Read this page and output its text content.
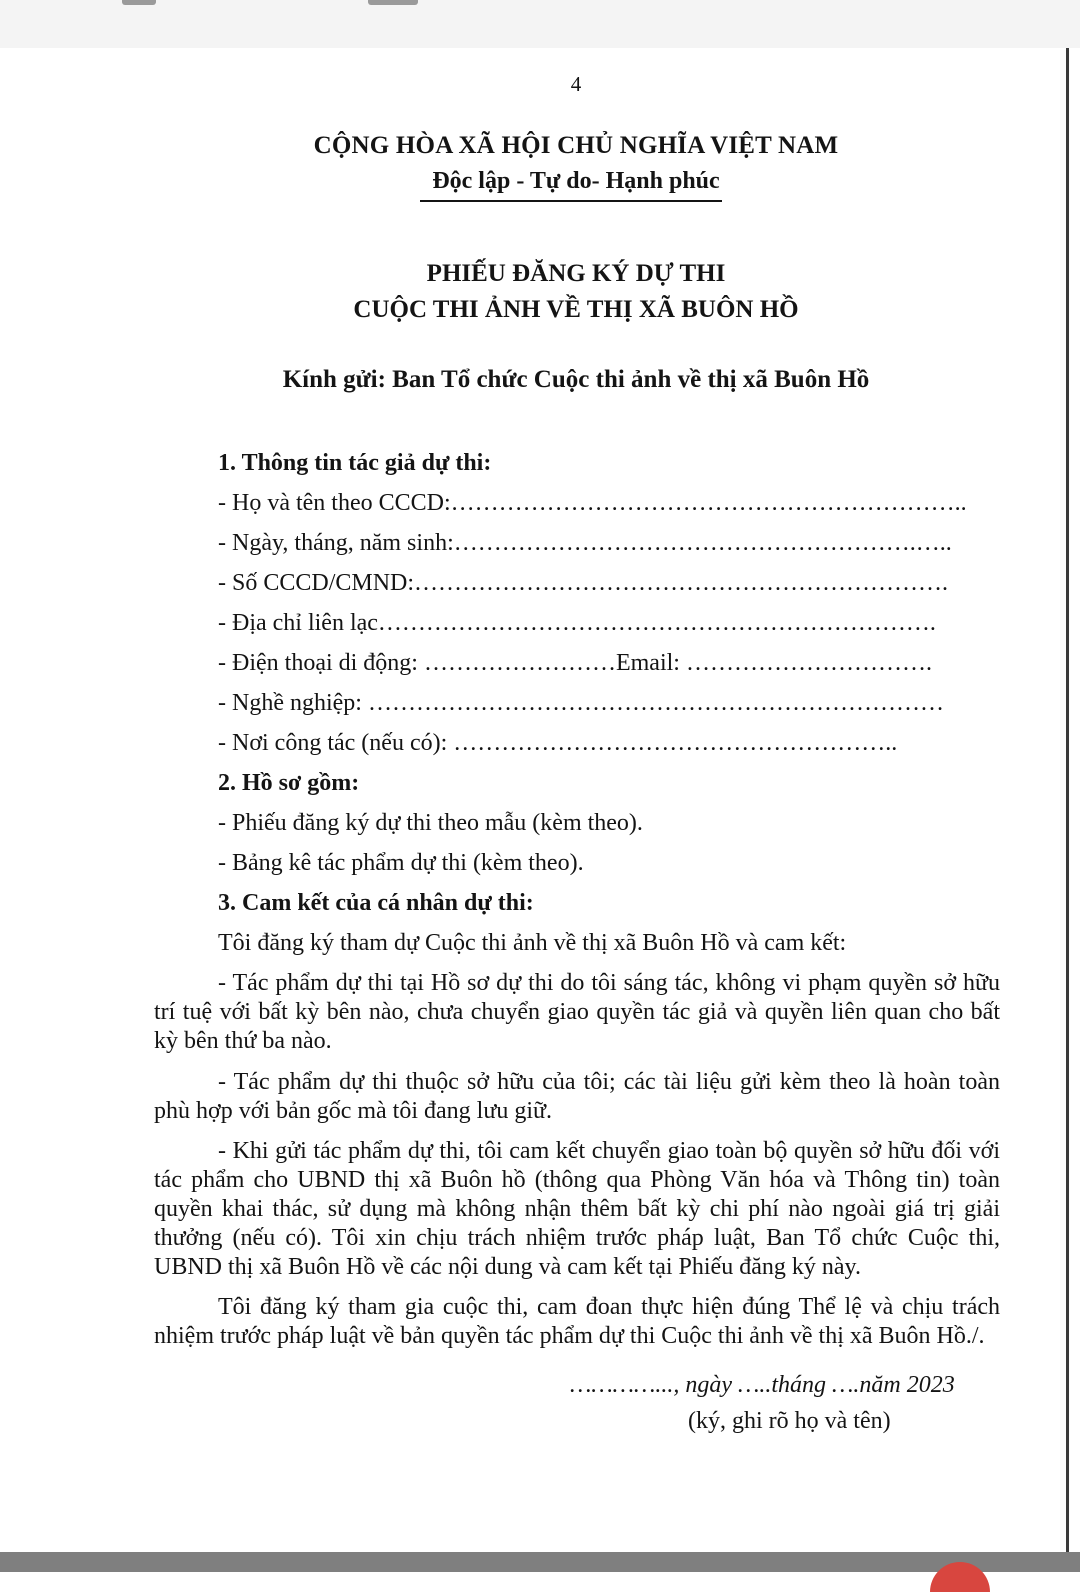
4
CỘNG HÒA XÃ HỘI CHỦ NGHĨA VIỆT NAM
Độc lập - Tự do- Hạnh phúc
PHIẾU ĐĂNG KÝ DỰ THI
CUỘC THI ẢNH VỀ THỊ XÃ BUÔN HỒ
Kính gửi: Ban Tổ chức Cuộc thi ảnh về thị xã Buôn Hồ
1. Thông tin tác giả dự thi:
- Họ và tên theo CCCD:………………………………………………………..
- Ngày, tháng, năm sinh:………………………………………………….…..
- Số CCCD/CMND:………………………………………………………….
- Địa chỉ liên lạc…………………………………………………………….
- Điện thoại di động: ……………………Email: ………………………….
- Nghề nghiệp: ………………………………………………………………
- Nơi công tác (nếu có): ………………………………………………..
2. Hồ sơ gồm:
- Phiếu đăng ký dự thi theo mẫu (kèm theo).
- Bảng kê tác phẩm dự thi (kèm theo).
3. Cam kết của cá nhân dự thi:
Tôi đăng ký tham dự Cuộc thi ảnh về thị xã Buôn Hồ và cam kết:
- Tác phẩm dự thi tại Hồ sơ dự thi do tôi sáng tác, không vi phạm quyền sở hữu trí tuệ với bất kỳ bên nào, chưa chuyển giao quyền tác giả và quyền liên quan cho bất kỳ bên thứ ba nào.
- Tác phẩm dự thi thuộc sở hữu của tôi; các tài liệu gửi kèm theo là hoàn toàn phù hợp với bản gốc mà tôi đang lưu giữ.
- Khi gửi tác phẩm dự thi, tôi cam kết chuyển giao toàn bộ quyền sở hữu đối với tác phẩm cho UBND thị xã Buôn hồ (thông qua Phòng Văn hóa và Thông tin) toàn quyền khai thác, sử dụng mà không nhận thêm bất kỳ chi phí nào ngoài giá trị giải thưởng (nếu có). Tôi xin chịu trách nhiệm trước pháp luật, Ban Tổ chức Cuộc thi, UBND thị xã Buôn Hồ về các nội dung và cam kết tại Phiếu đăng ký này.
Tôi đăng ký tham gia cuộc thi, cam đoan thực hiện đúng Thể lệ và chịu trách nhiệm trước pháp luật về bản quyền tác phẩm dự thi Cuộc thi ảnh về thị xã Buôn Hồ./.
…………..., ngày …..tháng ….năm 2023
(ký, ghi rõ họ và tên)
